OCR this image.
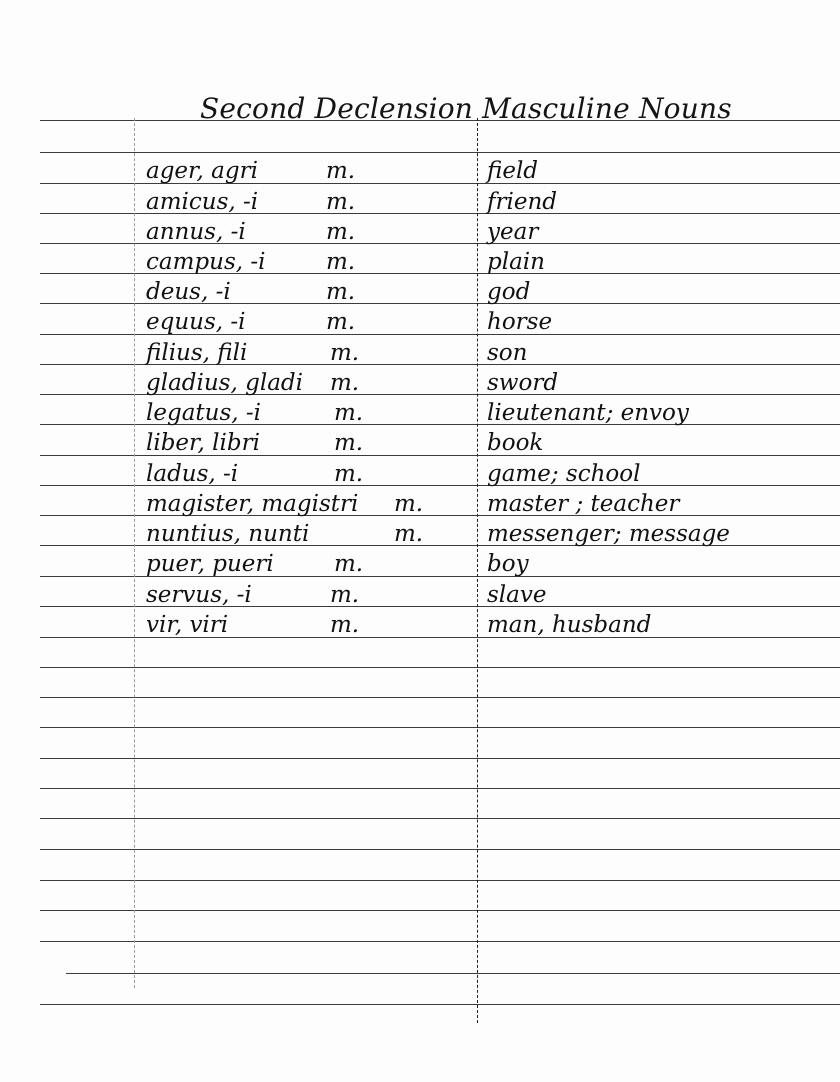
Second Declension Masculine Nouns
ager, agri	m.	field
amicus, -i	m.	friend
annus, -i	m.	year
campus, -i	m.	plain
deus, -i	m.	god
equus, -i	m.	horse
filius, fili	m.	son
gladius, gladi m.	sword
legatus, -i	m.	lieutenant; envoy
liber, libri	m.	book
ladus, -i	m.	game; school
magister, magistri m.	master ; teacher
nuntius, nunti	m.	messenger; message
puer, pueri	m.	boy
servus, -i	m.	slave
vir, viri	m.	man, husband
